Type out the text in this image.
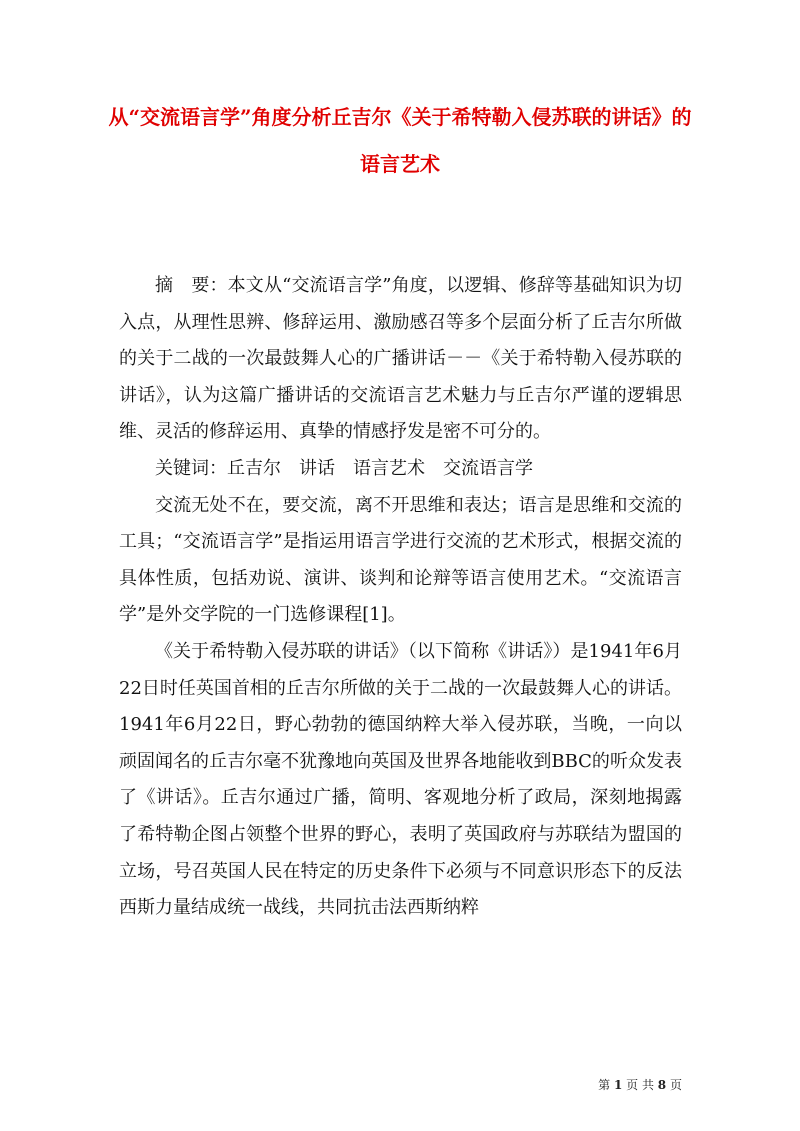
从“交流语言学”角度分析丘吉尔《关于希特勒入侵苏联的讲话》的语言艺术

摘　要：本文从“交流语言学”角度，以逻辑、修辞等基础知识为切入点，从理性思辨、修辞运用、激励感召等多个层面分析了丘吉尔所做的关于二战的一次最鼓舞人心的广播讲话－－《关于希特勒入侵苏联的讲话》，认为这篇广播讲话的交流语言艺术魅力与丘吉尔严谨的逻辑思维、灵活的修辞运用、真挚的情感抒发是密不可分的。

关键词：丘吉尔　讲话　语言艺术　交流语言学

交流无处不在，要交流，离不开思维和表达；语言是思维和交流的工具；“交流语言学”是指运用语言学进行交流的艺术形式，根据交流的具体性质，包括劝说、演讲、谈判和论辩等语言使用艺术。“交流语言学”是外交学院的一门选修课程[1]。

《关于希特勒入侵苏联的讲话》（以下简称《讲话》）是1941年6月22日时任英国首相的丘吉尔所做的关于二战的一次最鼓舞人心的讲话。1941年6月22日，野心勃勃的德国纳粹大举入侵苏联，当晚，一向以顽固闻名的丘吉尔毫不犹豫地向英国及世界各地能收到BBC的听众发表了《讲话》。丘吉尔通过广播，简明、客观地分析了政局，深刻地揭露了希特勒企图占领整个世界的野心，表明了英国政府与苏联结为盟国的立场，号召英国人民在特定的历史条件下必须与不同意识形态下的反法西斯力量结成统一战线，共同抗击法西斯纳粹

第 1 页 共 8 页
